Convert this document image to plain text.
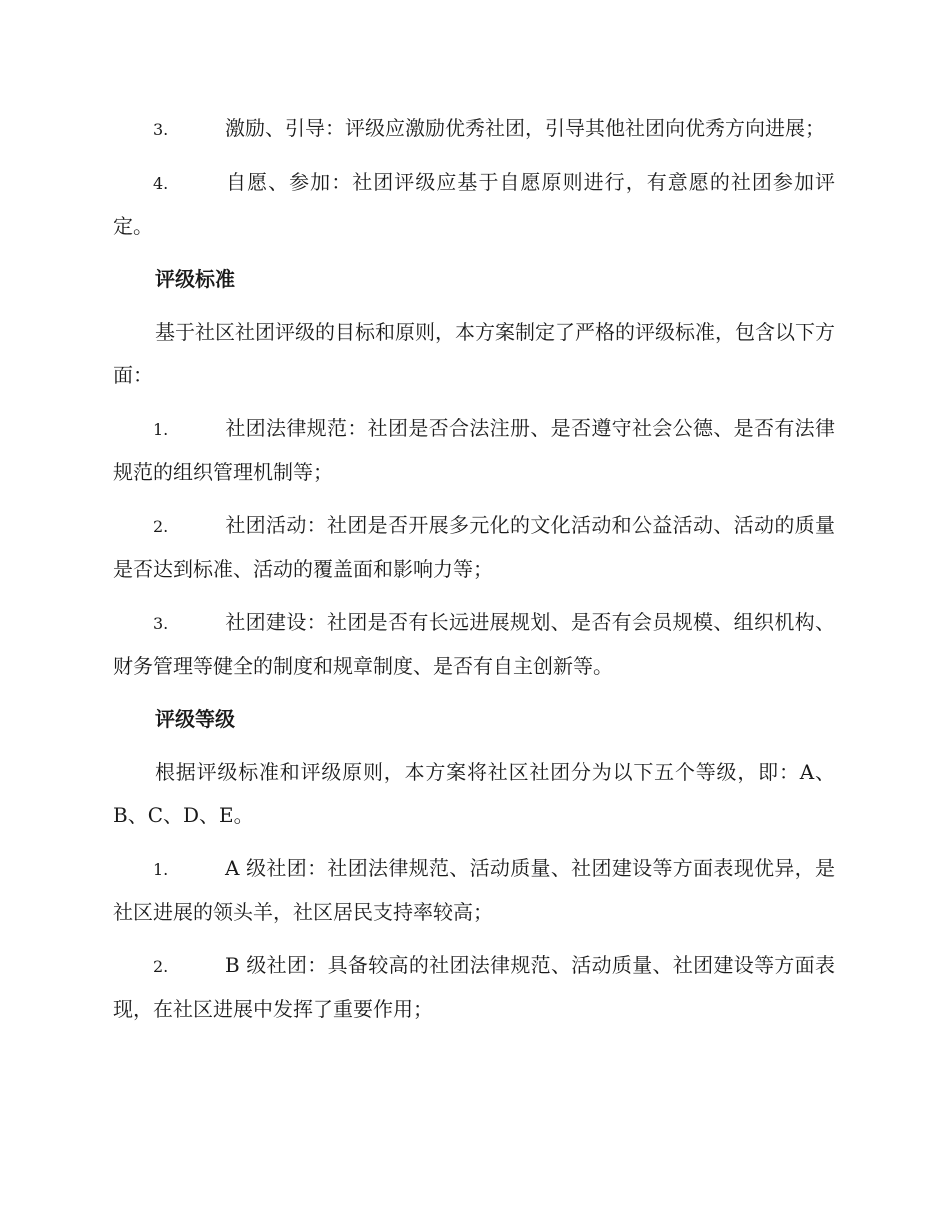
3.	激励、引导：评级应激励优秀社团，引导其他社团向优秀方向进展；

4.	自愿、参加：社团评级应基于自愿原则进行，有意愿的社团参加评定。

评级标准

基于社区社团评级的目标和原则，本方案制定了严格的评级标准，包含以下方面：

1.	社团法律规范：社团是否合法注册、是否遵守社会公德、是否有法律规范的组织管理机制等；

2.	社团活动：社团是否开展多元化的文化活动和公益活动、活动的质量是否达到标准、活动的覆盖面和影响力等；

3.	社团建设：社团是否有长远进展规划、是否有会员规模、组织机构、财务管理等健全的制度和规章制度、是否有自主创新等。

评级等级

根据评级标准和评级原则，本方案将社区社团分为以下五个等级，即：A、B、C、D、E。

1.	A 级社团：社团法律规范、活动质量、社团建设等方面表现优异，是社区进展的领头羊，社区居民支持率较高；

2.	B 级社团：具备较高的社团法律规范、活动质量、社团建设等方面表现，在社区进展中发挥了重要作用；
